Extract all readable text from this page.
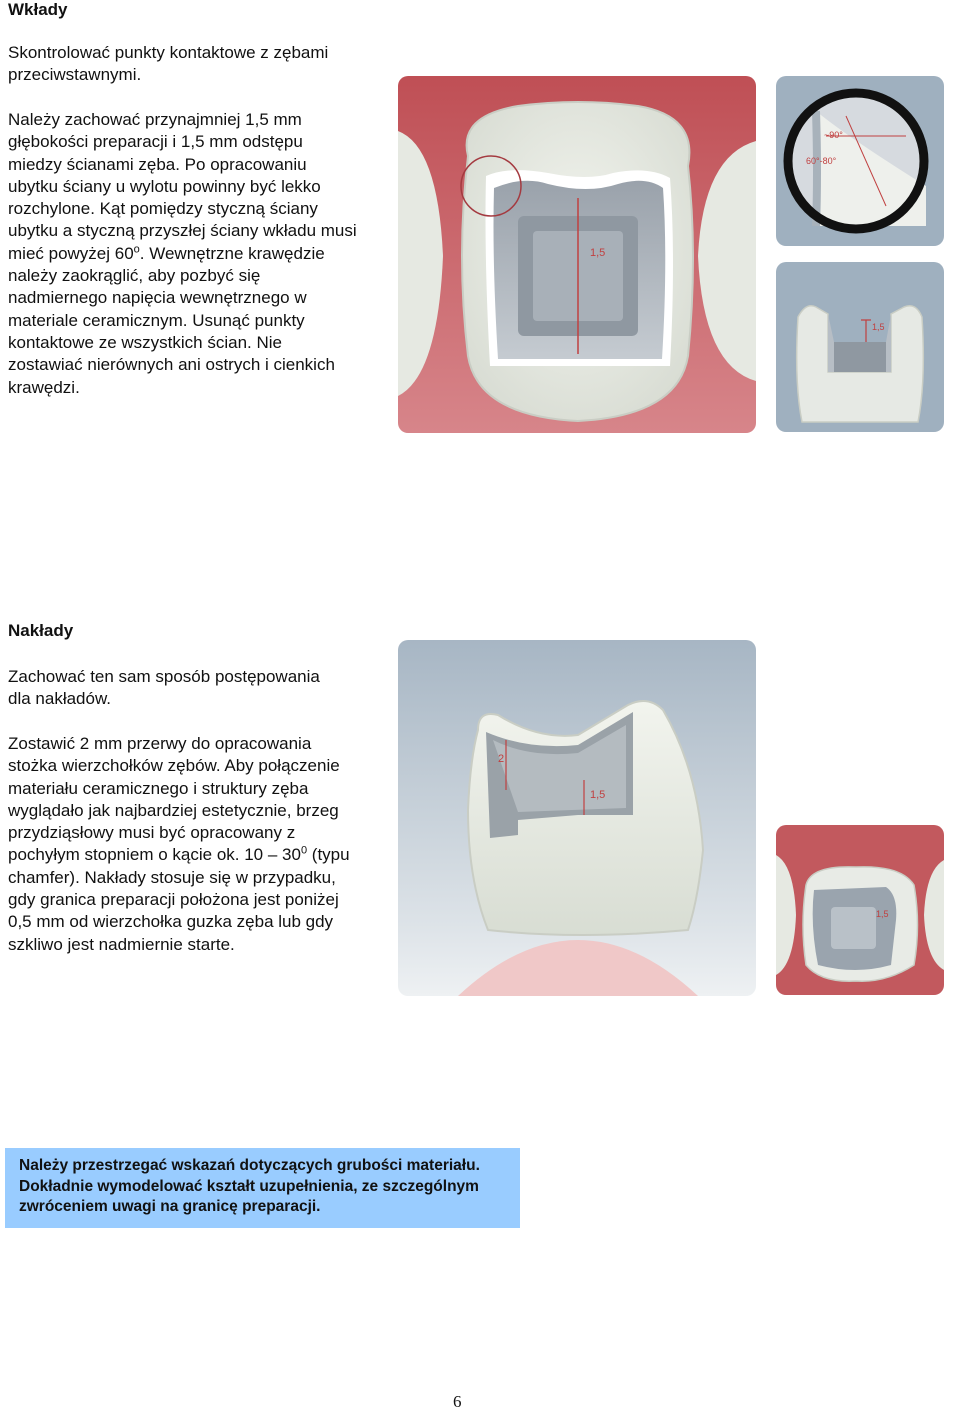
Wkłady

Skontrolować punkty kontaktowe z zębami przeciwstawnymi.

Należy zachować przynajmniej 1,5 mm głębokości preparacji i 1,5 mm odstępu miedzy ścianami zęba. Po opracowaniu ubytku ściany u wylotu powinny być lekko rozchylone. Kąt pomiędzy styczną ściany ubytku a styczną przyszłej ściany wkładu musi mieć powyżej 60$^o$. Wewnętrzne krawędzie należy zaokrąglić, aby pozbyć się nadmiernego napięcia wewnętrznego w materiale ceramicznym. Usunąć punkty kontaktowe ze wszystkich ścian. Nie zostawiać nierównych ani ostrych i cienkich krawędzi.

1,5
~90°
60°-80°
1,5
Nakłady

Zachować ten sam sposób postępowania dla nakładów.

Zostawić 2 mm przerwy do opracowania stożka wierzchołków zębów. Aby połączenie materiału ceramicznego i struktury zęba wyglądało jak najbardziej estetycznie, brzeg przydziąsłowy musi być opracowany z pochyłym stopniem o kącie ok. $10 - 30^0$ (typu chamfer). Nakłady stosuje się w przypadku, gdy granica preparacji położona jest poniżej 0,5 mm od wierzchołka guzka zęba lub gdy szkliwo jest nadmiernie starte.

2
1,5
1,5
Należy przestrzegać wskazań dotyczących grubości materiału. Dokładnie wymodelować kształt uzupełnienia, ze szczególnym zwróceniem uwagi na granicę preparacji.
6
